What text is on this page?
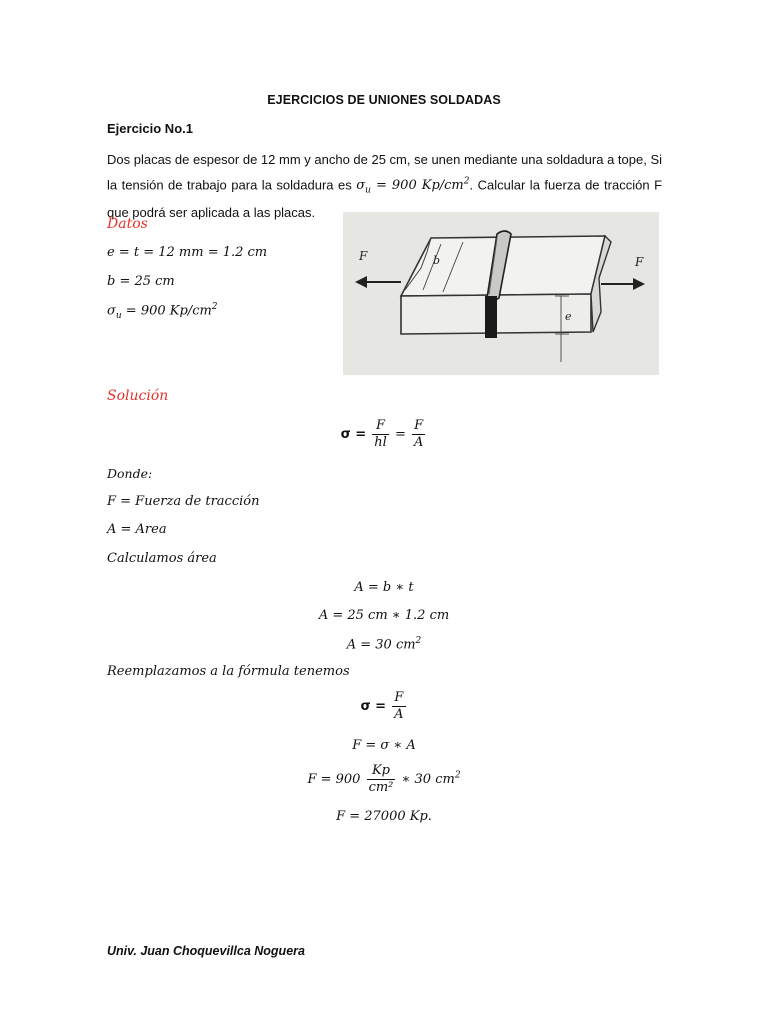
EJERCICIOS DE UNIONES SOLDADAS
Ejercicio No.1
Dos placas de espesor de 12 mm y ancho de 25 cm, se unen mediante una soldadura a tope, Si la tensión de trabajo para la soldadura es $\sigma_u = 900$ $Kp/cm^2$. Calcular la fuerza de tracción F que podrá ser aplicada a las placas.
Datos
e = t = 12 mm = 1.2 cm
b = 25 cm
$\sigma_u = 900$ $Kp/cm^2$
b
F	F
e
Solución
$\sigma = \frac{F}{hl} = \frac{F}{A}$
Donde:
F = Fuerza de tracción
A = Area
Calculamos área
A = b ∗ t
A = 25 cm ∗ 1.2 cm
A = 30 $cm^2$
Reemplazamos a la fórmula tenemos
$\sigma = \frac{F}{A}$
F = σ ∗ A
$F = 900 \frac{Kp}{\text{cm²}}$ ∗ 30 $cm^2$
F = 27000 Kp.
Univ. Juan Choquevillca Noguera
